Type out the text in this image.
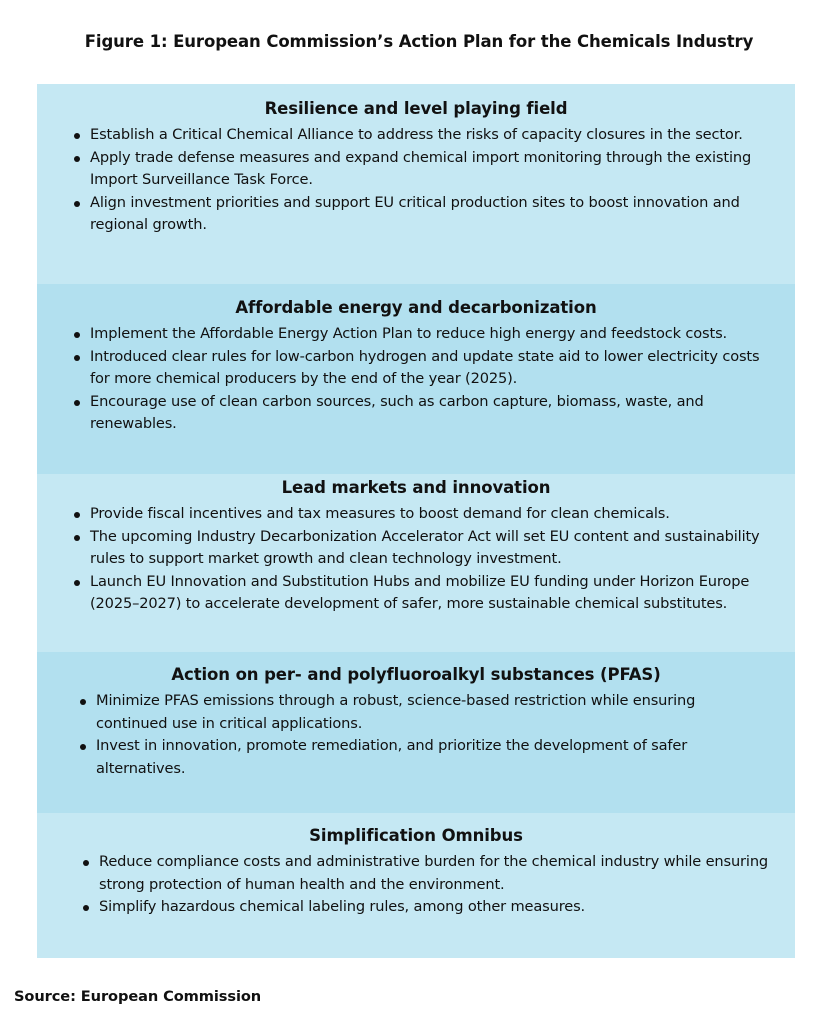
Figure 1: European Commission’s Action Plan for the Chemicals Industry
Resilience and level playing field
Establish a Critical Chemical Alliance to address the risks of capacity closures in the sector.
Apply trade defense measures and expand chemical import monitoring through the existing Import Surveillance Task Force.
Align investment priorities and support EU critical production sites to boost innovation and regional growth.
Affordable energy and decarbonization
Implement the Affordable Energy Action Plan to reduce high energy and feedstock costs.
Introduced clear rules for low-carbon hydrogen and update state aid to lower electricity costs for more chemical producers by the end of the year (2025).
Encourage use of clean carbon sources, such as carbon capture, biomass, waste, and renewables.
Lead markets and innovation
Provide fiscal incentives and tax measures to boost demand for clean chemicals.
The upcoming Industry Decarbonization Accelerator Act will set EU content and sustainability rules to support market growth and clean technology investment.
Launch EU Innovation and Substitution Hubs and mobilize EU funding under Horizon Europe (2025–2027) to accelerate development of safer, more sustainable chemical substitutes.
Action on per- and polyfluoroalkyl substances (PFAS)
Minimize PFAS emissions through a robust, science-based restriction while ensuring continued use in critical applications.
Invest in innovation, promote remediation, and prioritize the development of safer alternatives.
Simplification Omnibus
Reduce compliance costs and administrative burden for the chemical industry while ensuring strong protection of human health and the environment.
Simplify hazardous chemical labeling rules, among other measures.
Source: European Commission
